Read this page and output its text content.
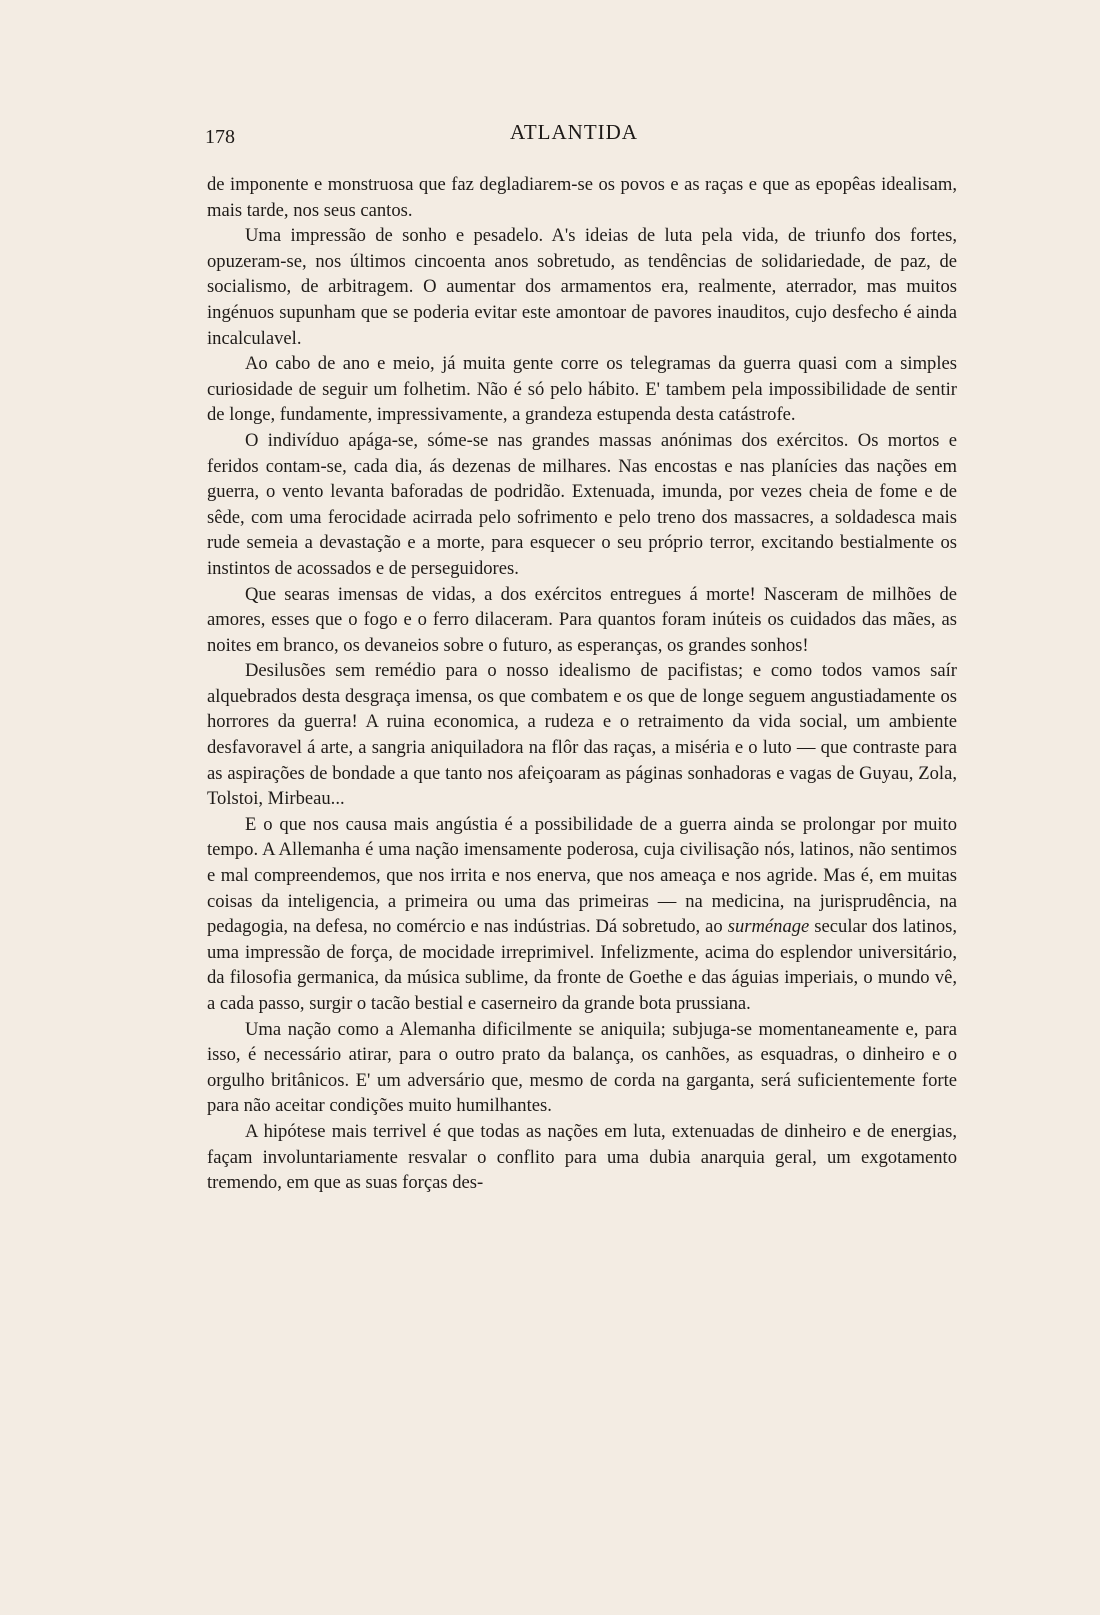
178	ATLANTIDA

de imponente e monstruosa que faz degladiarem-se os povos e as raças e que as epopêas idealisam, mais tarde, nos seus cantos.

Uma impressão de sonho e pesadelo. A's ideias de luta pela vida, de triunfo dos fortes, opuzeram-se, nos últimos cincoenta anos sobretudo, as tendências de solidariedade, de paz, de socialismo, de arbitragem. O aumentar dos armamentos era, realmente, aterrador, mas muitos ingénuos supunham que se poderia evitar este amontoar de pavores inauditos, cujo desfecho é ainda incalculavel.

Ao cabo de ano e meio, já muita gente corre os telegramas da guerra quasi com a simples curiosidade de seguir um folhetim. Não é só pelo hábito. E' tambem pela impossibilidade de sentir de longe, fundamente, impressivamente, a grandeza estupenda desta catástrofe.

O indivíduo apága-se, sóme-se nas grandes massas anónimas dos exércitos. Os mortos e feridos contam-se, cada dia, ás dezenas de milhares. Nas encostas e nas planícies das nações em guerra, o vento levanta baforadas de podridão. Extenuada, imunda, por vezes cheia de fome e de sêde, com uma ferocidade acirrada pelo sofrimento e pelo treno dos massacres, a soldadesca mais rude semeia a devastação e a morte, para esquecer o seu próprio terror, excitando bestialmente os instintos de acossados e de perseguidores.

Que searas imensas de vidas, a dos exércitos entregues á morte! Nasceram de milhões de amores, esses que o fogo e o ferro dilaceram. Para quantos foram inúteis os cuidados das mães, as noites em branco, os devaneios sobre o futuro, as esperanças, os grandes sonhos!

Desilusões sem remédio para o nosso idealismo de pacifistas; e como todos vamos saír alquebrados desta desgraça imensa, os que combatem e os que de longe seguem angustiadamente os horrores da guerra! A ruina economica, a rudeza e o retraimento da vida social, um ambiente desfavoravel á arte, a sangria aniquiladora na flôr das raças, a miséria e o luto — que contraste para as aspirações de bondade a que tanto nos afeiçoaram as páginas sonhadoras e vagas de Guyau, Zola, Tolstoi, Mirbeau...

E o que nos causa mais angústia é a possibilidade de a guerra ainda se prolongar por muito tempo. A Allemanha é uma nação imensamente poderosa, cuja civilisação nós, latinos, não sentimos e mal compreendemos, que nos irrita e nos enerva, que nos ameaça e nos agride. Mas é, em muitas coisas da inteligencia, a primeira ou uma das primeiras — na medicina, na jurisprudência, na pedagogia, na defesa, no comércio e nas indústrias. Dá sobretudo, ao surménage secular dos latinos, uma impressão de força, de mocidade irreprimivel. Infelizmente, acima do esplendor universitário, da filosofia germanica, da música sublime, da fronte de Goethe e das águias imperiais, o mundo vê, a cada passo, surgir o tacão bestial e caserneiro da grande bota prussiana.

Uma nação como a Alemanha dificilmente se aniquila; subjuga-se momentaneamente e, para isso, é necessário atirar, para o outro prato da balança, os canhões, as esquadras, o dinheiro e o orgulho britânicos. E' um adversário que, mesmo de corda na garganta, será suficientemente forte para não aceitar condições muito humilhantes.

A hipótese mais terrivel é que todas as nações em luta, extenuadas de dinheiro e de energias, façam involuntariamente resvalar o conflito para uma dubia anarquia geral, um exgotamento tremendo, em que as suas forças des-
